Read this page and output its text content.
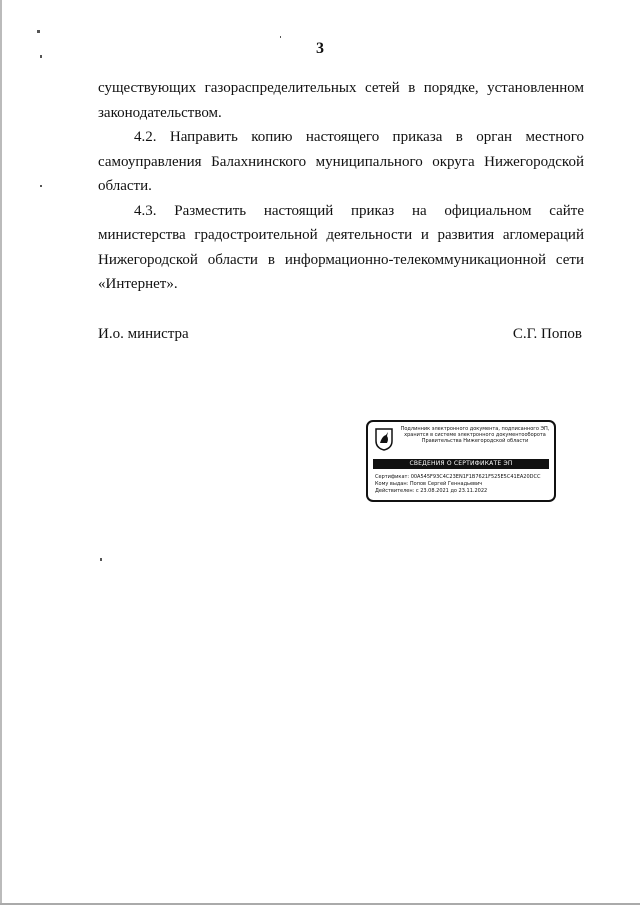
3

существующих газораспределительных сетей в порядке, установленном законодательством.

4.2. Направить копию настоящего приказа в орган местного самоуправления Балахнинского муниципального округа Нижегородской области.

4.3. Разместить настоящий приказ на официальном сайте министерства градостроительной деятельности и развития агломераций Нижегородской области в информационно-телекоммуникационной сети «Интернет».

И.о. министра	С.Г. Попов
Подлинник электронного документа, подписанного ЭП,
хранится в системе электронного документооборота
Правительства Нижегородской области
СВЕДЕНИЯ О СЕРТИФИКАТЕ ЭП
Сертификат: 00A545F93C4C23EN1F1B7621F525E5C41EA20DCC
Кому выдан: Попов Сергей Геннадьевич
Действителен: с 23.08.2021 до 23.11.2022
